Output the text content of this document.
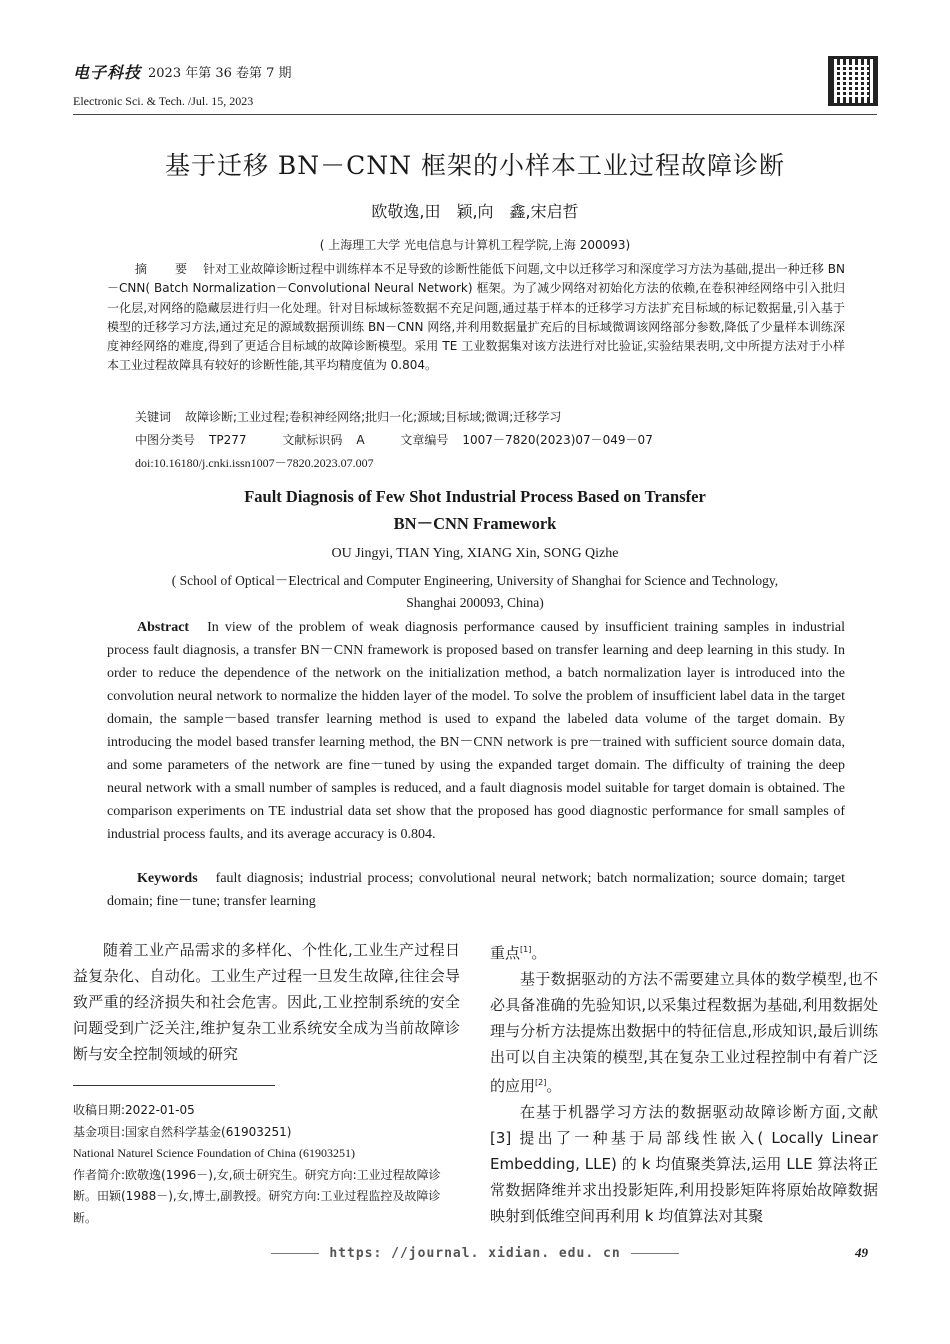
电子科技 2023 年第 36 卷第 7 期
Electronic Sci. & Tech. /Jul. 15, 2023
基于迁移 BN－CNN 框架的小样本工业过程故障诊断
欧敬逸,田　颖,向　鑫,宋启哲
( 上海理工大学 光电信息与计算机工程学院,上海 200093)
摘　要 针对工业故障诊断过程中训练样本不足导致的诊断性能低下问题,文中以迁移学习和深度学习方法为基础,提出一种迁移 BN－CNN( Batch Normalization－Convolutional Neural Network) 框架。为了减少网络对初始化方法的依赖,在卷积神经网络中引入批归一化层,对网络的隐藏层进行归一化处理。针对目标域标签数据不充足问题,通过基于样本的迁移学习方法扩充目标域的标记数据量,引入基于模型的迁移学习方法,通过充足的源域数据预训练 BN－CNN 网络,并利用数据量扩充后的目标域微调该网络部分参数,降低了少量样本训练深度神经网络的难度,得到了更适合目标域的故障诊断模型。采用 TE 工业数据集对该方法进行对比验证,实验结果表明,文中所提方法对于小样本工业过程故障具有较好的诊断性能,其平均精度值为 0.804。
关键词 故障诊断;工业过程;卷积神经网络;批归一化;源域;目标域;微调;迁移学习
中图分类号 TP277	文献标识码 A	文章编号 1007－7820(2023)07－049－07
doi:10.16180/j.cnki.issn1007－7820.2023.07.007
Fault Diagnosis of Few Shot Industrial Process Based on Transfer
BN－CNN Framework
OU Jingyi, TIAN Ying, XIANG Xin, SONG Qizhe
( School of Optical－Electrical and Computer Engineering, University of Shanghai for Science and Technology,
Shanghai 200093, China)
Abstract In view of the problem of weak diagnosis performance caused by insufficient training samples in industrial process fault diagnosis, a transfer BN－CNN framework is proposed based on transfer learning and deep learning in this study. In order to reduce the dependence of the network on the initialization method, a batch normalization layer is introduced into the convolution neural network to normalize the hidden layer of the model. To solve the problem of insufficient label data in the target domain, the sample－based transfer learning method is used to expand the labeled data volume of the target domain. By introducing the model based transfer learning method, the BN－CNN network is pre－trained with sufficient source domain data, and some parameters of the network are fine－tuned by using the expanded target domain. The difficulty of training the deep neural network with a small number of samples is reduced, and a fault diagnosis model suitable for target domain is obtained. The comparison experiments on TE industrial data set show that the proposed has good diagnostic performance for small samples of industrial process faults, and its average accuracy is 0.804.
Keywords fault diagnosis; industrial process; convolutional neural network; batch normalization; source domain; target domain; fine－tune; transfer learning

随着工业产品需求的多样化、个性化,工业生产过程日益复杂化、自动化。工业生产过程一旦发生故障,往往会导致严重的经济损失和社会危害。因此,工业控制系统的安全问题受到广泛关注,维护复杂工业系统安全成为当前故障诊断与安全控制领域的研究

重点[1]。

基于数据驱动的方法不需要建立具体的数学模型,也不必具备准确的先验知识,以采集过程数据为基础,利用数据处理与分析方法提炼出数据中的特征信息,形成知识,最后训练出可以自主决策的模型,其在复杂工业过程控制中有着广泛的应用[2]。

在基于机器学习方法的数据驱动故障诊断方面,文献 [3] 提出了一种基于局部线性嵌入( Locally Linear Embedding, LLE) 的 k 均值聚类算法,运用 LLE 算法将正常数据降维并求出投影矩阵,利用投影矩阵将原始故障数据映射到低维空间再利用 k 均值算法对其聚

收稿日期:2022-01-05
基金项目:国家自然科学基金(61903251)
National Naturel Science Foundation of China (61903251)
作者简介:欧敬逸(1996－),女,硕士研究生。研究方向:工业过程故障诊断。田颖(1988－),女,博士,副教授。研究方向:工业过程监控及故障诊断。
https: //journal. xidian. edu. cn	49
